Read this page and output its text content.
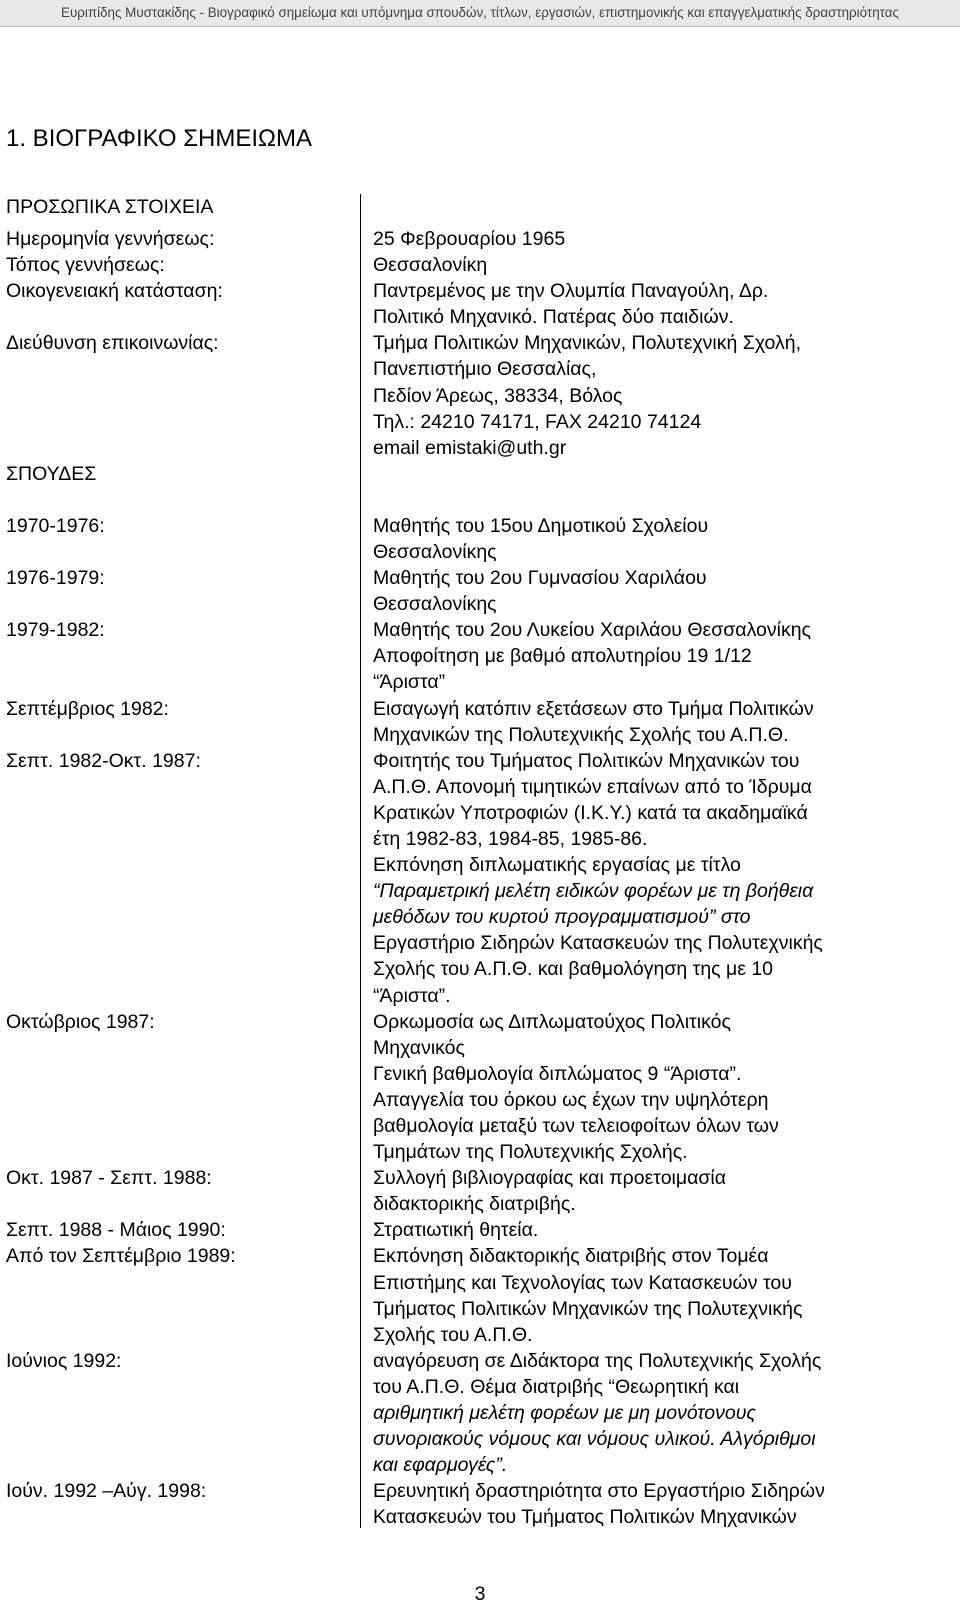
Ευριπίδης Μυστακίδης - Βιογραφικό σημείωμα και υπόμνημα σπουδών, τίτλων, εργασιών, επιστημονικής και επαγγελματικής δραστηριότητας
1. ΒΙΟΓΡΑΦΙΚΟ ΣΗΜΕΙΩΜΑ
ΠΡΟΣΩΠΙΚΑ ΣΤΟΙΧΕΙΑ
Ημερομηνία γεννήσεως:	25 Φεβρουαρίου 1965
Τόπος γεννήσεως:	Θεσσαλονίκη
Οικογενειακή κατάσταση:	Παντρεμένος με την Ολυμπία Παναγούλη, Δρ.
Πολιτικό Μηχανικό. Πατέρας δύο παιδιών.
Διεύθυνση επικοινωνίας:	Τμήμα Πολιτικών Μηχανικών, Πολυτεχνική Σχολή,
Πανεπιστήμιο Θεσσαλίας,
Πεδίον Άρεως, 38334, Βόλος
Τηλ.: 24210 74171, FAX 24210 74124
email emistaki@uth.gr
ΣΠΟΥΔΕΣ
1970-1976:	Μαθητής του 15ου Δημοτικού Σχολείου
Θεσσαλονίκης
1976-1979:	Μαθητής του 2ου Γυμνασίου Χαριλάου
Θεσσαλονίκης
1979-1982:	Μαθητής του 2ου Λυκείου Χαριλάου Θεσσαλονίκης
Αποφοίτηση με βαθμό απολυτηρίου 19 1/12
“Άριστα”
Σεπτέμβριος 1982:	Εισαγωγή κατόπιν εξετάσεων στο Τμήμα Πολιτικών
Μηχανικών της Πολυτεχνικής Σχολής του Α.Π.Θ.
Σεπτ. 1982-Οκτ. 1987:	Φοιτητής του Τμήματος Πολιτικών Μηχανικών του
Α.Π.Θ. Απονομή τιμητικών επαίνων από το Ίδρυμα
Κρατικών Υποτροφιών (Ι.Κ.Υ.) κατά τα ακαδημαϊκά
έτη 1982-83, 1984-85, 1985-86.
Εκπόνηση διπλωματικής εργασίας με τίτλο
“Παραμετρική μελέτη ειδικών φορέων με τη βοήθεια
μεθόδων του κυρτού προγραμματισμού” στο
Εργαστήριο Σιδηρών Κατασκευών της Πολυτεχνικής
Σχολής του Α.Π.Θ. και βαθμολόγηση της με 10
“Άριστα”.
Οκτώβριος 1987:	Ορκωμοσία ως Διπλωματούχος Πολιτικός
Μηχανικός
Γενική βαθμολογία διπλώματος 9 “Άριστα”.
Απαγγελία του όρκου ως έχων την υψηλότερη
βαθμολογία μεταξύ των τελειοφοίτων όλων των
Τμημάτων της Πολυτεχνικής Σχολής.
Οκτ. 1987 - Σεπτ. 1988:	Συλλογή βιβλιογραφίας και προετοιμασία
διδακτορικής διατριβής.
Σεπτ. 1988 - Μάιος 1990:	Στρατιωτική θητεία.
Από τον Σεπτέμβριο 1989:	Εκπόνηση διδακτορικής διατριβής στον Τομέα
Επιστήμης και Τεχνολογίας των Κατασκευών του
Τμήματος Πολιτικών Μηχανικών της Πολυτεχνικής
Σχολής του Α.Π.Θ.
Ιούνιος 1992:	αναγόρευση σε Διδάκτορα της Πολυτεχνικής Σχολής
του Α.Π.Θ. Θέμα διατριβής “Θεωρητική και
αριθμητική μελέτη φορέων με μη μονότονους
συνοριακούς νόμους και νόμους υλικού. Αλγόριθμοι
και εφαρμογές”.
Ιούν. 1992 –Αύγ. 1998:	Ερευνητική δραστηριότητα στο Εργαστήριο Σιδηρών
Κατασκευών του Τμήματος Πολιτικών Μηχανικών
3
